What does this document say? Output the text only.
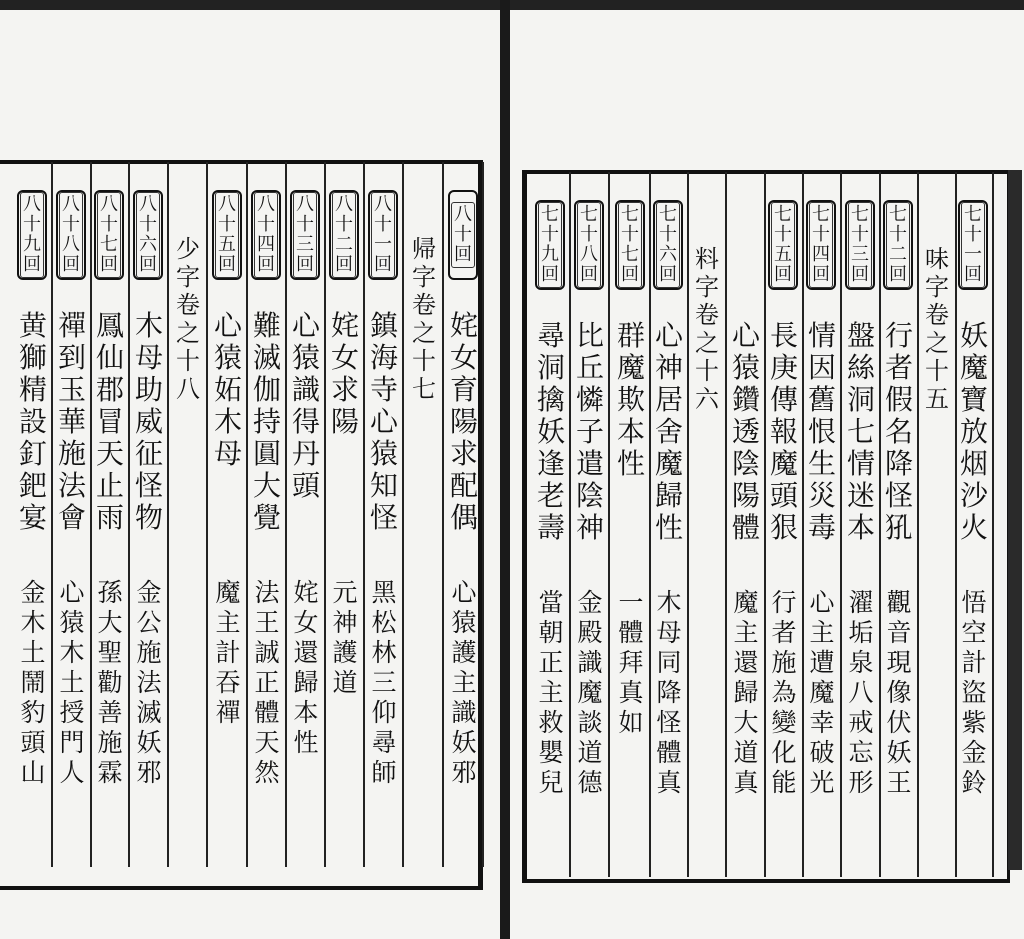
七
十
一
回
妖
魔
寶
放
烟
沙
火
悟
空
計
盜
紫
金
鈴
味
字
卷
之
十
五
七
十
二
回
行
者
假
名
降
怪
犼
觀
音
現
像
伏
妖
王
七
十
三
回
盤
絲
洞
七
情
迷
本
濯
垢
泉
八
戒
忘
形
七
十
四
回
情
因
舊
恨
生
災
毒
心
主
遭
魔
幸
破
光
七
十
五
回
長
庚
傳
報
魔
頭
狠
行
者
施
為
變
化
能
心
猿
鑽
透
陰
陽
體
魔
主
還
歸
大
道
真
料
字
卷
之
十
六
七
十
六
回
心
神
居
舍
魔
歸
性
木
母
同
降
怪
體
真
七
十
七
回
群
魔
欺
本
性
一
體
拜
真
如
七
十
八
回
比
丘
憐
子
遣
陰
神
金
殿
識
魔
談
道
德
七
十
九
回
尋
洞
擒
妖
逢
老
壽
當
朝
正
主
救
嬰
兒
八
十
回
姹
女
育
陽
求
配
偶
心
猿
護
主
識
妖
邪
帰
字
卷
之
十
七
八
十
一
回
鎮
海
寺
心
猿
知
怪
黑
松
林
三
仰
尋
師
八
十
二
回
姹
女
求
陽
元
神
護
道
八
十
三
回
心
猿
識
得
丹
頭
姹
女
還
歸
本
性
八
十
四
回
難
滅
伽
持
圓
大
覺
法
王
誠
正
體
天
然
八
十
五
回
心
猿
妬
木
母
魔
主
計
吞
禪
少
字
卷
之
十
八
八
十
六
回
木
母
助
威
征
怪
物
金
公
施
法
滅
妖
邪
八
十
七
回
鳳
仙
郡
冒
天
止
雨
孫
大
聖
勸
善
施
霖
八
十
八
回
禪
到
玉
華
施
法
會
心
猿
木
土
授
門
人
八
十
九
回
黄
獅
精
設
釘
鈀
宴
金
木
土
鬧
豹
頭
山
